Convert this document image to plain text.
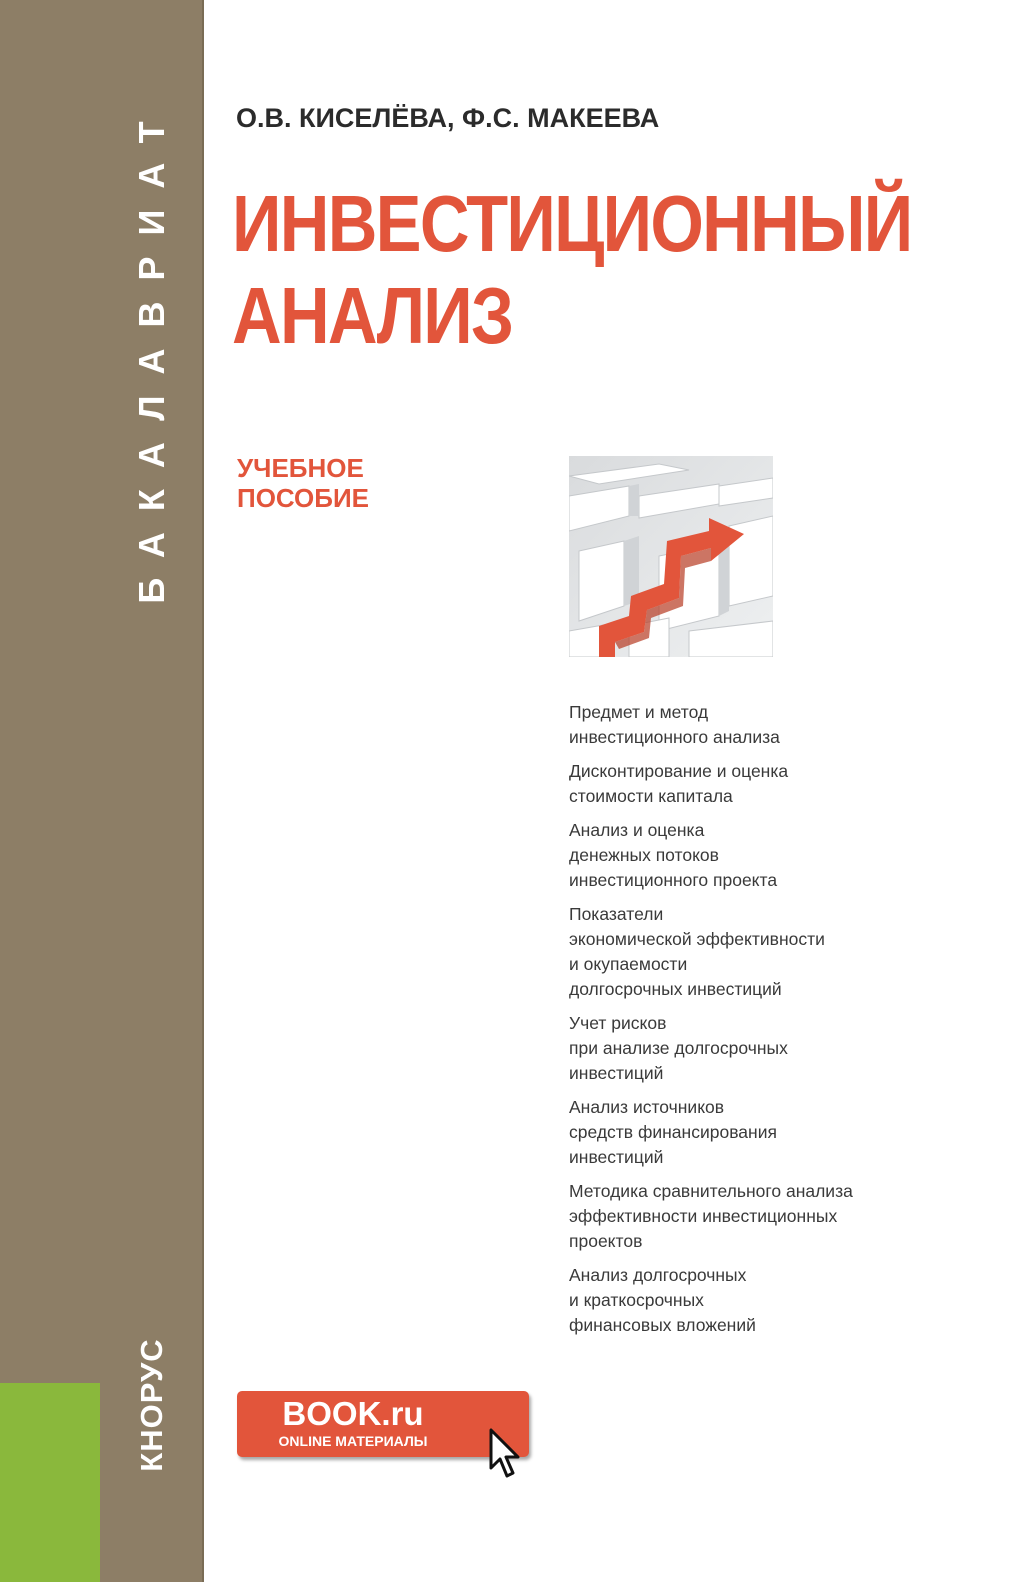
БАКАЛАВРИАТ
КНОРУС
О.В. КИСЕЛЁВА, Ф.С. МАКЕЕВА
ИНВЕСТИЦИОННЫЙ
АНАЛИЗ
УЧЕБНОЕ
ПОСОБИЕ
Предмет и метод
инвестиционного анализа
Дисконтирование и оценка
стоимости капитала
Анализ и оценка
денежных потоков
инвестиционного проекта
Показатели
экономической эффективности
и окупаемости
долгосрочных инвестиций
Учет рисков
при анализе долгосрочных
инвестиций
Анализ источников
средств финансирования
инвестиций
Методика сравнительного анализа
эффективности инвестиционных
проектов
Анализ долгосрочных
и краткосрочных
финансовых вложений
BOOK.ru
ONLINE МАТЕРИАЛЫ
